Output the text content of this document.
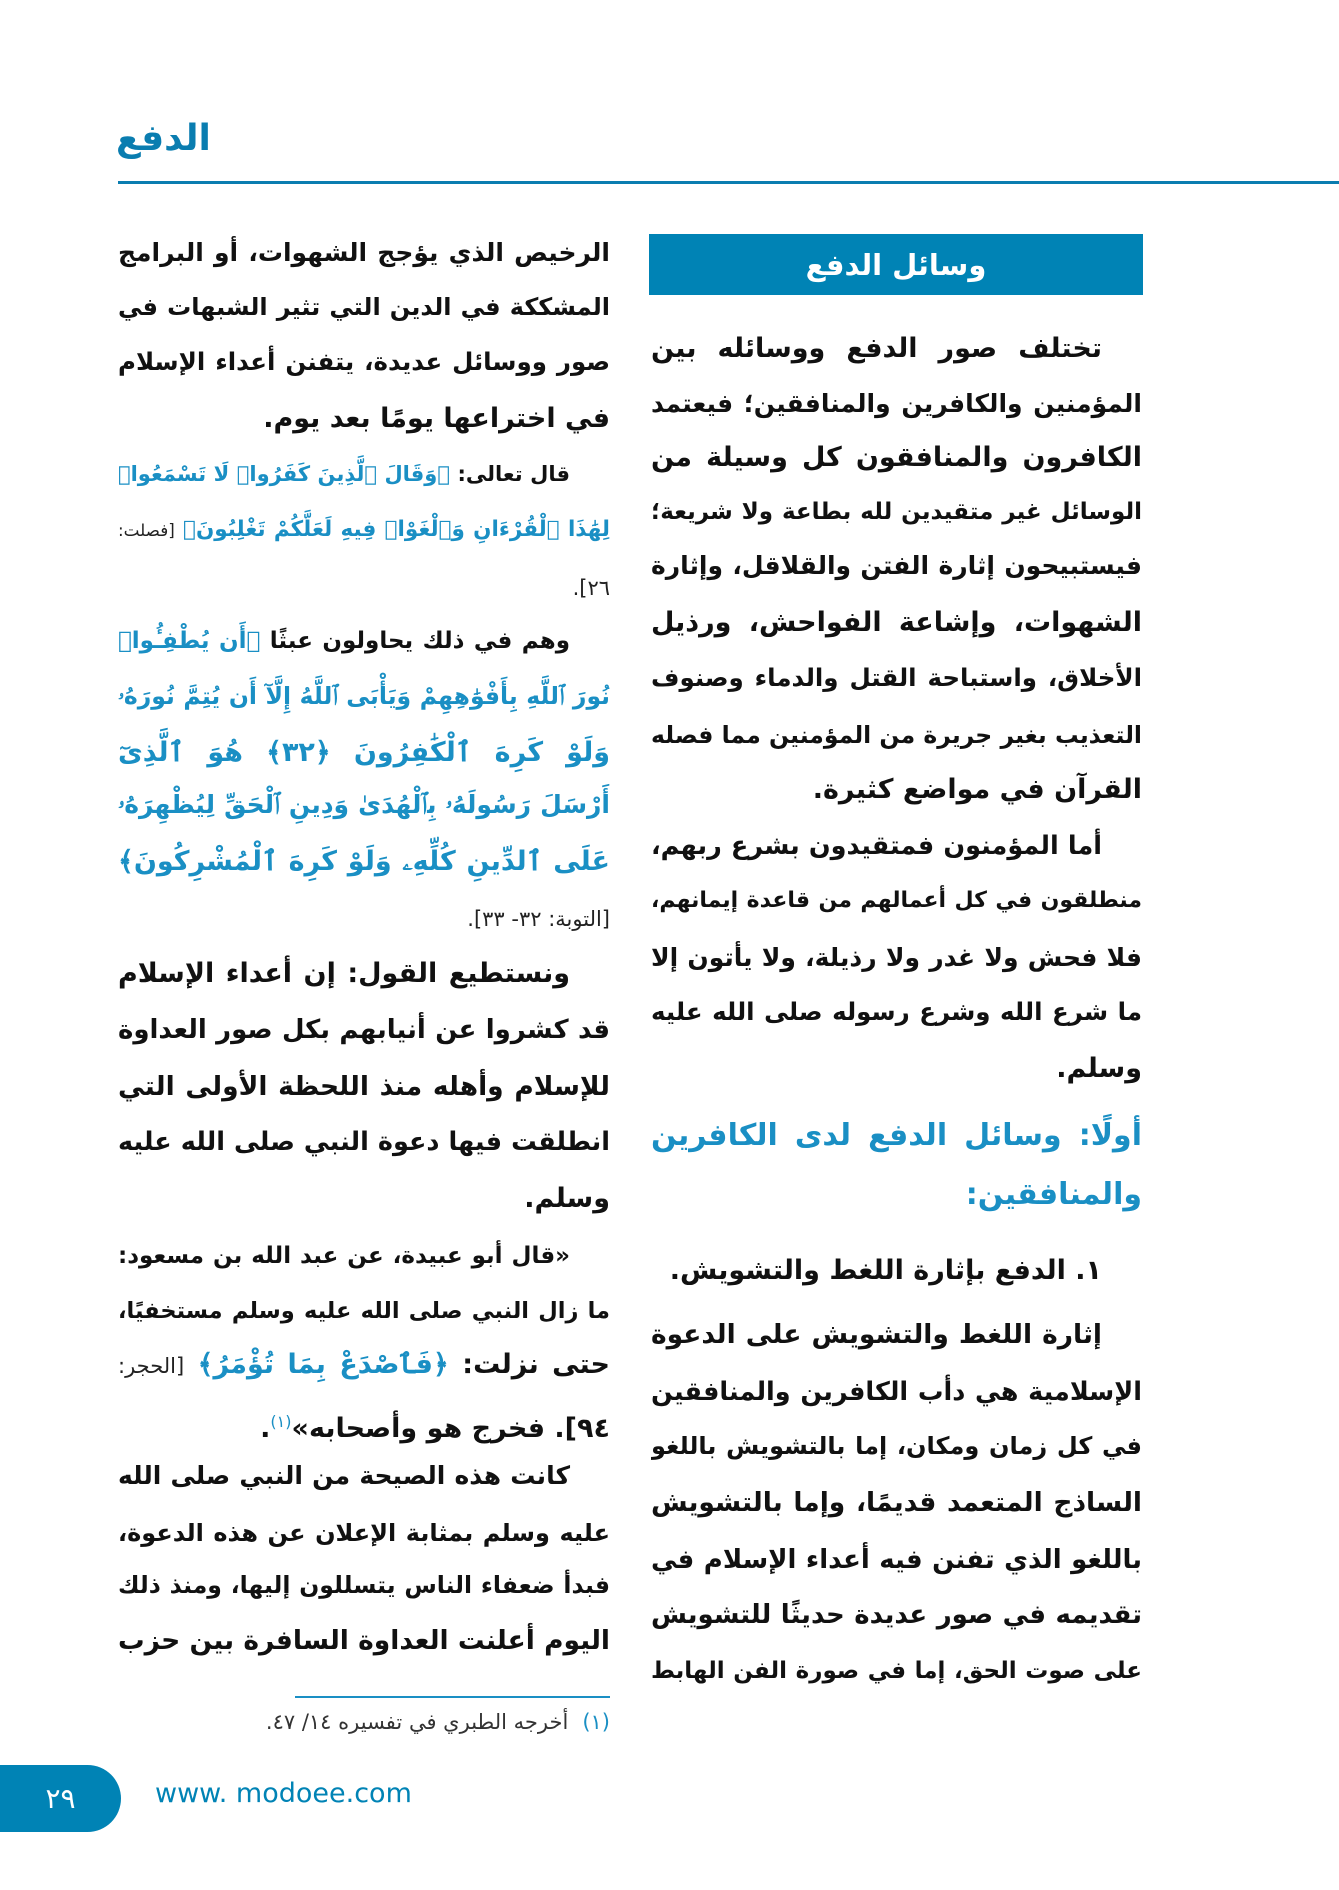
الدفع
وسائل الدفع
تختلف صور الدفع ووسائله بين
المؤمنين والكافرين والمنافقين؛ فيعتمد
الكافرون والمنافقون كل وسيلة من
الوسائل غير متقيدين لله بطاعة ولا شريعة؛
فيستبيحون إثارة الفتن والقلاقل، وإثارة
الشهوات، وإشاعة الفواحش، ورذيل
الأخلاق، واستباحة القتل والدماء وصنوف
التعذيب بغير جريرة من المؤمنين مما فصله
القرآن في مواضع كثيرة.
أما المؤمنون فمتقيدون بشرع ربهم،
منطلقون في كل أعمالهم من قاعدة إيمانهم،
فلا فحش ولا غدر ولا رذيلة، ولا يأتون إلا
ما شرع الله وشرع رسوله صلى الله عليه
وسلم.
أولًا: وسائل الدفع لدى الكافرين
والمنافقين:
١. الدفع بإثارة اللغط والتشويش.
إثارة اللغط والتشويش على الدعوة
الإسلامية هي دأب الكافرين والمنافقين
في كل زمان ومكان، إما بالتشويش باللغو
الساذج المتعمد قديمًا، وإما بالتشويش
باللغو الذي تفنن فيه أعداء الإسلام في
تقديمه في صور عديدة حديثًا للتشويش
على صوت الحق، إما في صورة الفن الهابط
الرخيص الذي يؤجج الشهوات، أو البرامج
المشككة في الدين التي تثير الشبهات في
صور ووسائل عديدة، يتفنن أعداء الإسلام
في اختراعها يومًا بعد يوم.
قال تعالى: ﴿وَقَالَ ٱلَّذِينَ كَفَرُوا۟ لَا تَسْمَعُوا۟
لِهَٰذَا ٱلْقُرْءَانِ وَٱلْغَوْا۟ فِيهِ لَعَلَّكُمْ تَغْلِبُونَ﴾ [فصلت:
٢٦].
وهم في ذلك يحاولون عبثًا ﴿أَن يُطْفِـُٔوا۟
نُورَ ٱللَّهِ بِأَفْوَٰهِهِمْ وَيَأْبَى ٱللَّهُ إِلَّآ أَن يُتِمَّ نُورَهُۥ
وَلَوْ كَرِهَ ٱلْكَٰفِرُونَ ﴿٣٢﴾ هُوَ ٱلَّذِىٓ
أَرْسَلَ رَسُولَهُۥ بِٱلْهُدَىٰ وَدِينِ ٱلْحَقِّ لِيُظْهِرَهُۥ
عَلَى ٱلدِّينِ كُلِّهِۦ وَلَوْ كَرِهَ ٱلْمُشْرِكُونَ﴾
[التوبة: ٣٢- ٣٣].
ونستطيع القول: إن أعداء الإسلام
قد كشروا عن أنيابهم بكل صور العداوة
للإسلام وأهله منذ اللحظة الأولى التي
انطلقت فيها دعوة النبي صلى الله عليه
وسلم.
«قال أبو عبيدة، عن عبد الله بن مسعود:
ما زال النبي صلى الله عليه وسلم مستخفيًا،
حتى نزلت: ﴿فَٱصْدَعْ بِمَا تُؤْمَرُ﴾ [الحجر:
٩٤]. فخرج هو وأصحابه»$^{(١)}$.
كانت هذه الصيحة من النبي صلى الله
عليه وسلم بمثابة الإعلان عن هذه الدعوة،
فبدأ ضعفاء الناس يتسللون إليها، ومنذ ذلك
اليوم أعلنت العداوة السافرة بين حزب
(١)أخرجه الطبري في تفسيره ١٤/ ٤٧.
٢٩	www. modoee.com
